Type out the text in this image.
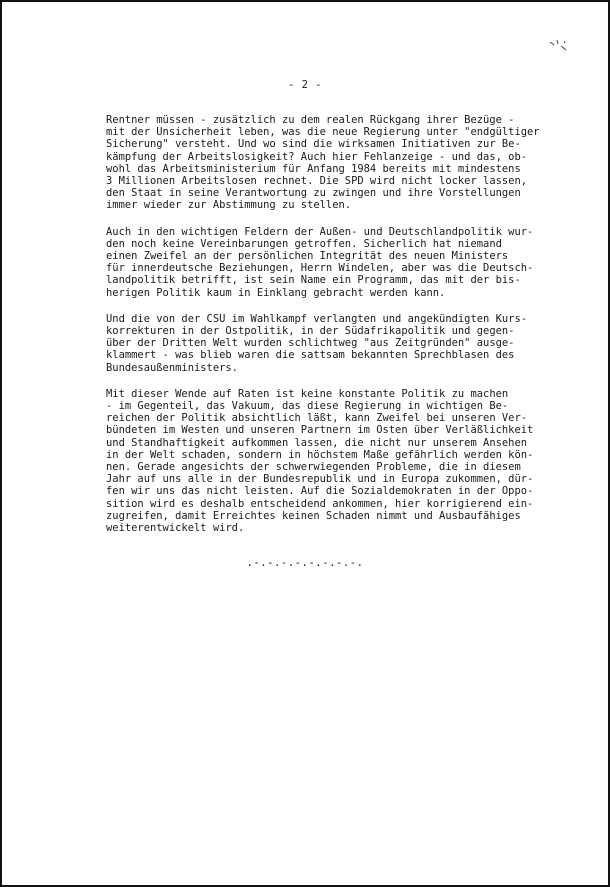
- 2 -

Rentner müssen - zusätzlich zu dem realen Rückgang ihrer Bezüge -
mit der Unsicherheit leben, was die neue Regierung unter "endgültiger
Sicherung" versteht. Und wo sind die wirksamen Initiativen zur Be-
kämpfung der Arbeitslosigkeit? Auch hier Fehlanzeige - und das, ob-
wohl das Arbeitsministerium für Anfang 1984 bereits mit mindestens
3 Millionen Arbeitslosen rechnet. Die SPD wird nicht locker lassen,
den Staat in seine Verantwortung zu zwingen und ihre Vorstellungen
immer wieder zur Abstimmung zu stellen.

Auch in den wichtigen Feldern der Außen- und Deutschlandpolitik wur-
den noch keine Vereinbarungen getroffen. Sicherlich hat niemand
einen Zweifel an der persönlichen Integrität des neuen Ministers
für innerdeutsche Beziehungen, Herrn Windelen, aber was die Deutsch-
landpolitik betrifft, ist sein Name ein Programm, das mit der bis-
herigen Politik kaum in Einklang gebracht werden kann.

Und die von der CSU im Wahlkampf verlangten und angekündigten Kurs-
korrekturen in der Ostpolitik, in der Südafrikapolitik und gegen-
über der Dritten Welt wurden schlichtweg "aus Zeitgründen" ausge-
klammert - was blieb waren die sattsam bekannten Sprechblasen des
Bundesaußenministers.

Mit dieser Wende auf Raten ist keine konstante Politik zu machen
- im Gegenteil, das Vakuum, das diese Regierung in wichtigen Be-
reichen der Politik absichtlich läßt, kann Zweifel bei unseren Ver-
bündeten im Westen und unseren Partnern im Osten über Verläßlichkeit
und Standhaftigkeit aufkommen lassen, die nicht nur unserem Ansehen
in der Welt schaden, sondern in höchstem Maße gefährlich werden kön-
nen. Gerade angesichts der schwerwiegenden Probleme, die in diesem
Jahr auf uns alle in der Bundesrepublik und in Europa zukommen, dür-
fen wir uns das nicht leisten. Auf die Sozialdemokraten in der Oppo-
sition wird es deshalb entscheidend ankommen, hier korrigierend ein-
zugreifen, damit Erreichtes keinen Schaden nimmt und Ausbaufähiges
weiterentwickelt wird.

.-.-.-.-.-.-.-.-.
